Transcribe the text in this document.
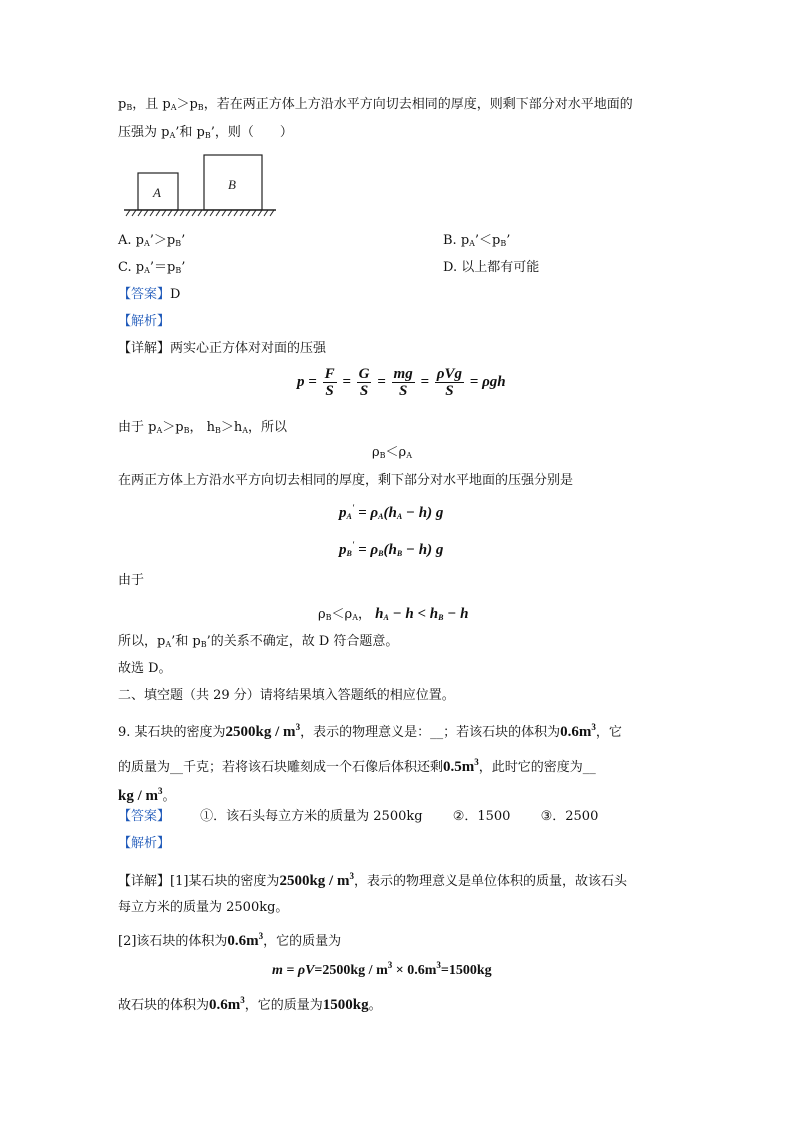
$p_B$，且 $p_A>p_B$，若在两正方体上方沿水平方向切去相同的厚度，则剩下部分对水平地面的
压强为 $p_A$’和 $p_B$’，则（　　）
A
B
A. $p_A’>p_B$’	B. $p_A’<p_B$’
C. $p_A’=p_B$’	D. 以上都有可能
【答案】D
【解析】
【详解】两实心正方体对对面的压强
$p = \frac{F}{S} = \frac{G}{S} = \frac{mg}{S} = \frac{\text{ρVg}}{S} = \rho gh$
由于 $p_A>p_B$， $h_B>h_A$，所以
$\rho_B<\rho_A$
在两正方体上方沿水平方向切去相同的厚度，剩下部分对水平地面的压强分别是
$p_A' = \rho_A(h_A - h)$ g
$p_B' = \rho_B(h_B - h)$ g
由于
$\rho_B<\rho_A$， $h_A - h < h_B - h$
所以，$p_A$’和 $p_B$’的关系不确定，故 D 符合题意。
故选 D。
二、填空题（共 29 分）请将结果填入答题纸的相应位置。
9. 某石块的密度为$2500kg / m^3$，表示的物理意义是：__；若该石块的体积为$0.6m^3$，它
的质量为__千克；若将该石块雕刻成一个石像后体积还剩$0.5m^3$，此时它的密度为__
kg / $m^3$。
【答案】 ①．该石头每立方米的质量为 2500kg ②．1500 ③．2500
【解析】
【详解】[1]某石块的密度为$2500kg / m^3$，表示的物理意义是单位体积的质量，故该石头
每立方米的质量为 2500kg。
[2]该石块的体积为$0.6m^3$，它的质量为
$m = \rho V=2500kg / m^3 \times 0.6m^3=1500kg$
故石块的体积为$0.6m^3$，它的质量为1500kg。
